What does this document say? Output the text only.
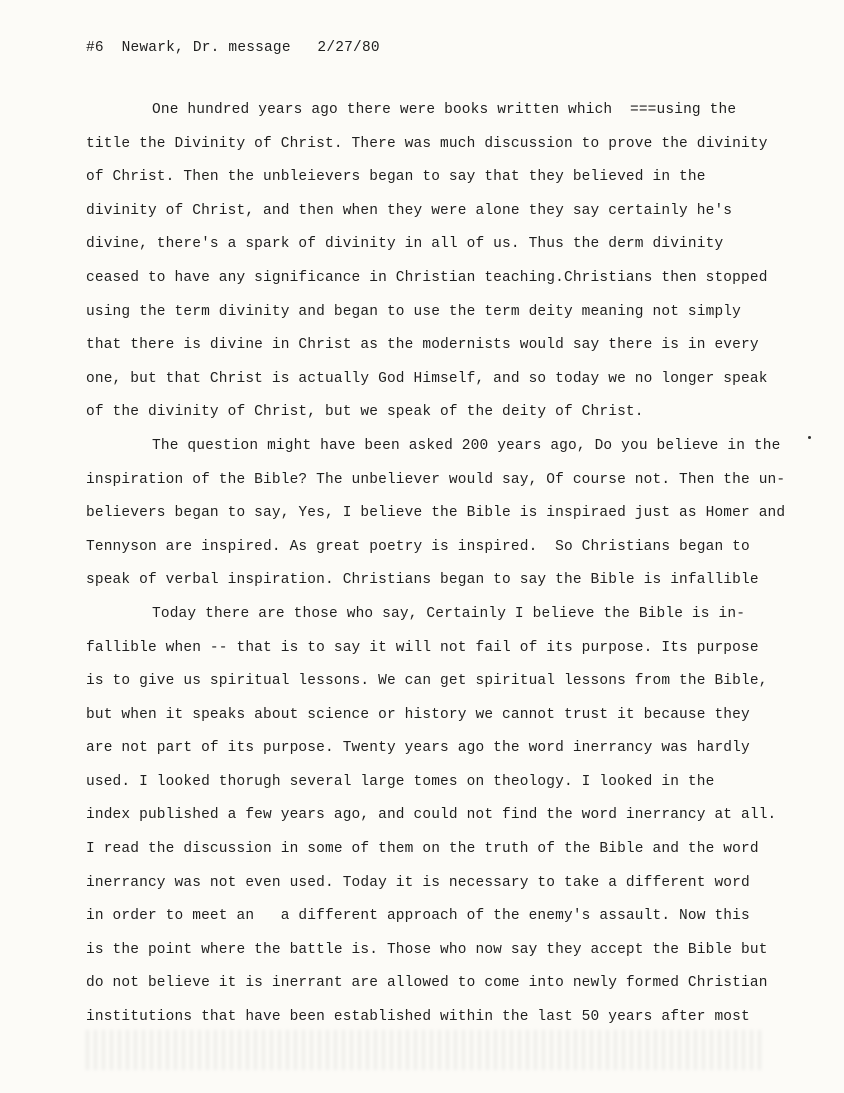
#6  Newark, Dr. message   2/27/80
One hundred years ago there were books written which  ===using the
title the Divinity of Christ. There was much discussion to prove the divinity
of Christ. Then the unbleievers began to say that they believed in the
divinity of Christ, and then when they were alone they say certainly he's
divine, there's a spark of divinity in all of us. Thus the derm divinity
ceased to have any significance in Christian teaching.Christians then stopped
using the term divinity and began to use the term deity meaning not simply
that there is divine in Christ as the modernists would say there is in every
one, but that Christ is actually God Himself, and so today we no longer speak
of the divinity of Christ, but we speak of the deity of Christ.
The question might have been asked 200 years ago, Do you believe in the
inspiration of the Bible? The unbeliever would say, Of course not. Then the un-
believers began to say, Yes, I believe the Bible is inspiraed just as Homer and
Tennyson are inspired. As great poetry is inspired.  So Christians began to
speak of verbal inspiration. Christians began to say the Bible is infallible
Today there are those who say, Certainly I believe the Bible is in-
fallible when -- that is to say it will not fail of its purpose. Its purpose
is to give us spiritual lessons. We can get spiritual lessons from the Bible,
but when it speaks about science or history we cannot trust it because they
are not part of its purpose. Twenty years ago the word inerrancy was hardly
used. I looked thorugh several large tomes on theology. I looked in the
index published a few years ago, and could not find the word inerrancy at all.
I read the discussion in some of them on the truth of the Bible and the word
inerrancy was not even used. Today it is necessary to take a different word
in order to meet an   a different approach of the enemy's assault. Now this
is the point where the battle is. Those who now say they accept the Bible but
do not believe it is inerrant are allowed to come into newly formed Christian
institutions that have been established within the last 50 years after most
